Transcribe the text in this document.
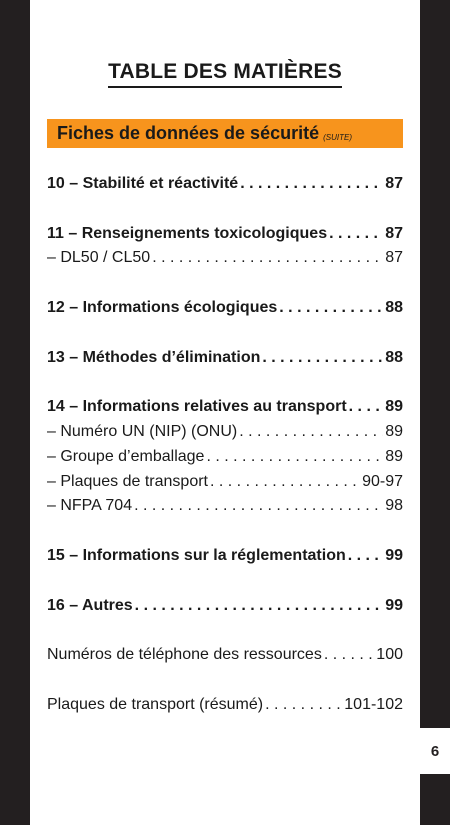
6
TABLE DES MATIÈRES
Fiches de données de sécurité (SUITE)
10 – Stabilité et réactivité . . .	87
11 – Renseignements toxicologiques . . .	87
– DL50 / CL50 . . .	87
12 – Informations écologiques . . .	88
13 – Méthodes d’élimination . . .	88
14 – Informations relatives au transport . . . 89
– Numéro UN (NIP) (ONU) . . .	89
– Groupe d’emballage . . .	89
– Plaques de transport . . .	90-97
– NFPA 704 . . .	98
15 – Informations sur la réglementation . . . 99
16 – Autres . . .	99
Numéros de téléphone des ressources . . .	100
Plaques de transport (résumé) . . .	101-102
